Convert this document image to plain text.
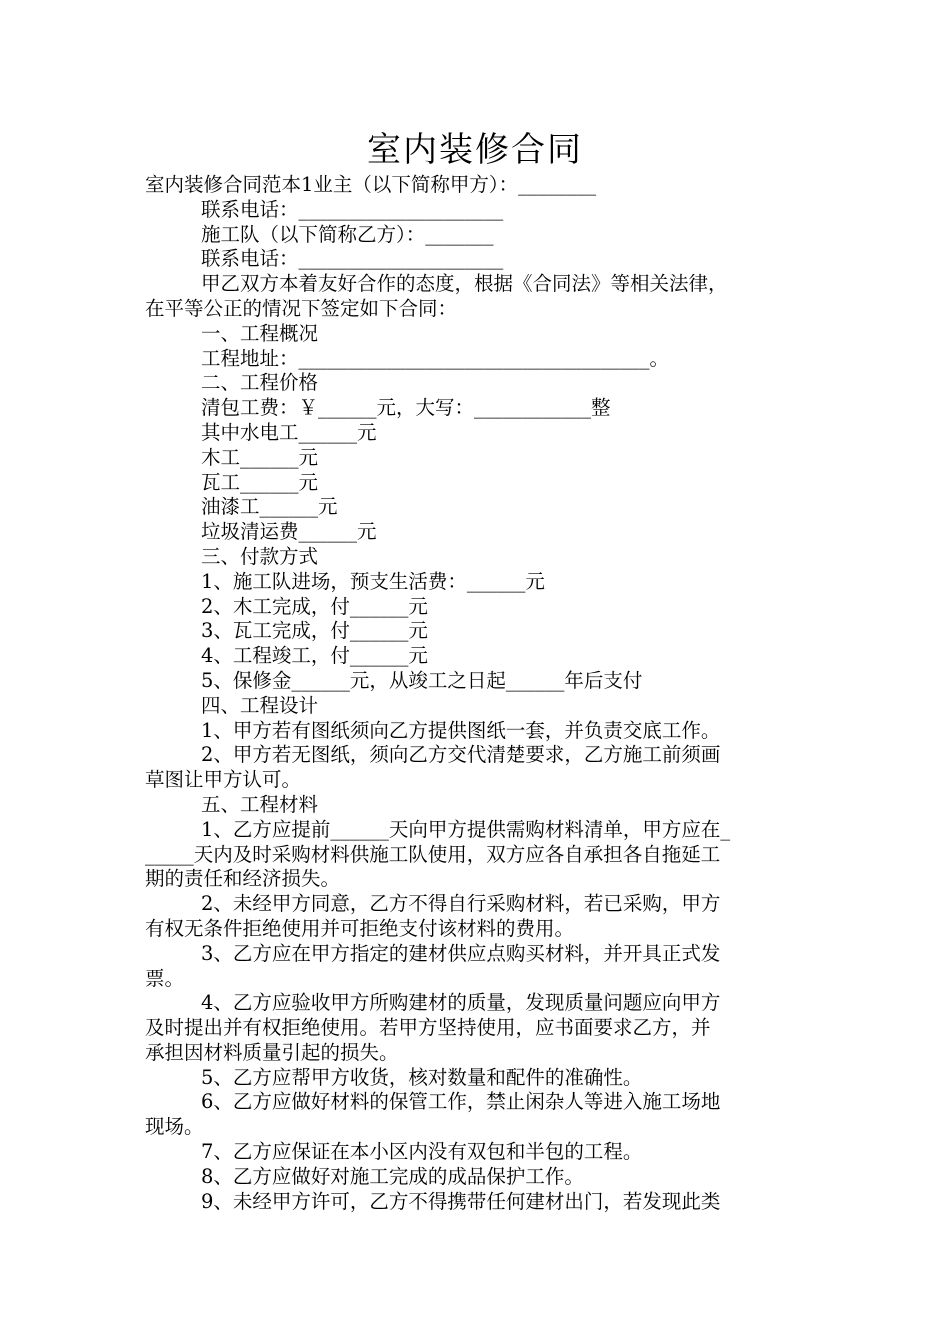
室内装修合同
室内装修合同范本1业主（以下简称甲方）：________
联系电话：_____________________
施工队（以下简称乙方）：_______
联系电话：_____________________
甲乙双方本着友好合作的态度，根据《合同法》等相关法律，
在平等公正的情况下签定如下合同：
一、工程概况
工程地址：____________________________________。
二、工程价格
清包工费：￥______元，大写：____________整
其中水电工______元
木工______元
瓦工______元
油漆工______元
垃圾清运费______元
三、付款方式
1、施工队进场，预支生活费：______元
2、木工完成，付______元
3、瓦工完成，付______元
4、工程竣工，付______元
5、保修金______元，从竣工之日起______年后支付
四、工程设计
1、甲方若有图纸须向乙方提供图纸一套，并负责交底工作。
2、甲方若无图纸，须向乙方交代清楚要求，乙方施工前须画
草图让甲方认可。
五、工程材料
1、乙方应提前______天向甲方提供需购材料清单，甲方应在_
_____天内及时采购材料供施工队使用，双方应各自承担各自拖延工
期的责任和经济损失。
2、未经甲方同意，乙方不得自行采购材料，若已采购，甲方
有权无条件拒绝使用并可拒绝支付该材料的费用。
3、乙方应在甲方指定的建材供应点购买材料，并开具正式发
票。
4、乙方应验收甲方所购建材的质量，发现质量问题应向甲方
及时提出并有权拒绝使用。若甲方坚持使用，应书面要求乙方，并
承担因材料质量引起的损失。
5、乙方应帮甲方收货，核对数量和配件的准确性。
6、乙方应做好材料的保管工作，禁止闲杂人等进入施工场地
现场。
7、乙方应保证在本小区内没有双包和半包的工程。
8、乙方应做好对施工完成的成品保护工作。
9、未经甲方许可，乙方不得携带任何建材出门，若发现此类
